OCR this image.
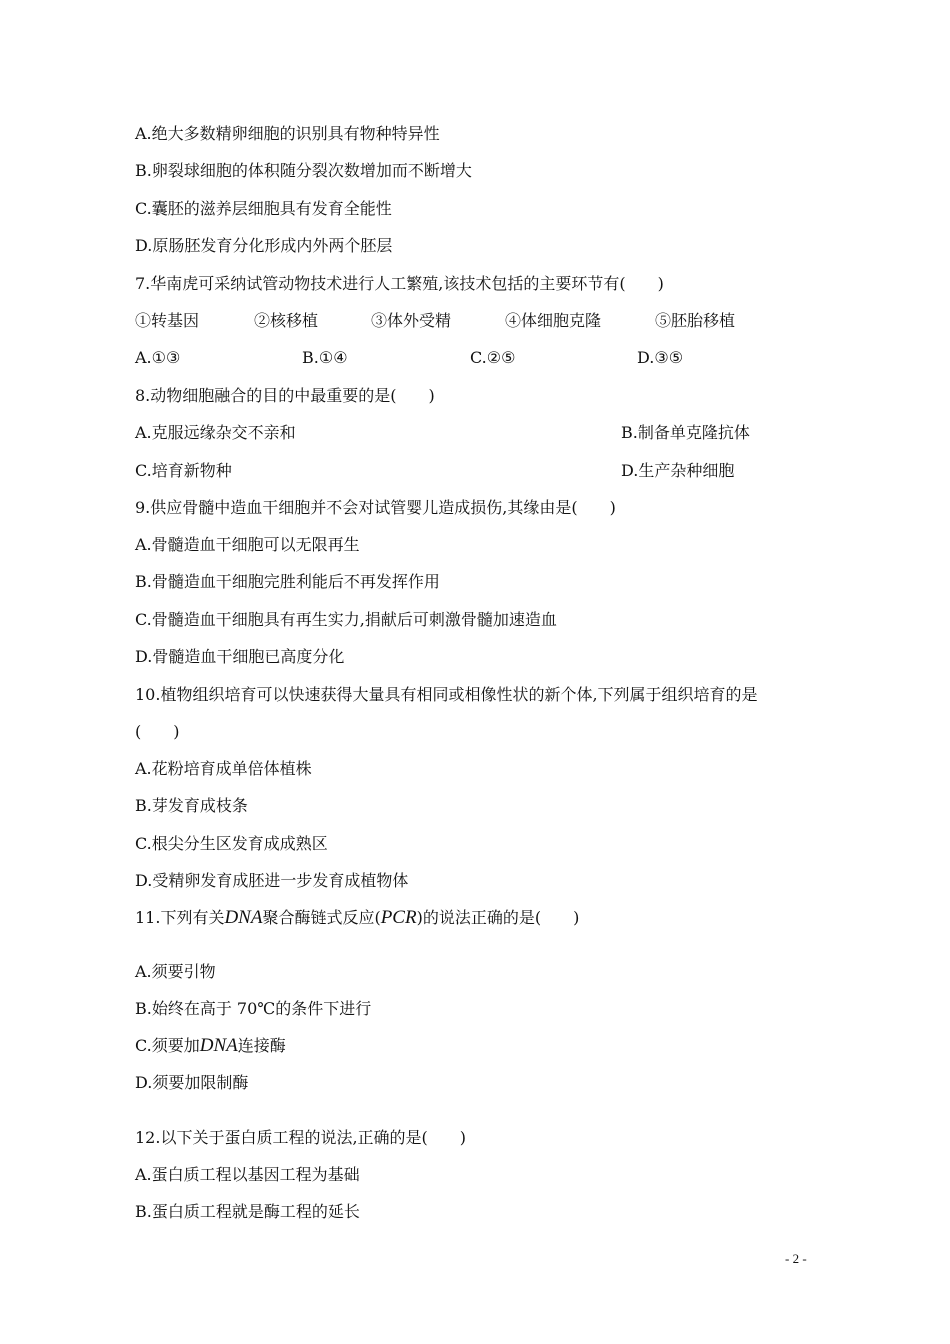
A.绝大多数精卵细胞的识别具有物种特异性
B.卵裂球细胞的体积随分裂次数增加而不断增大
C.囊胚的滋养层细胞具有发育全能性
D.原肠胚发育分化形成内外两个胚层
7.华南虎可采纳试管动物技术进行人工繁殖,该技术包括的主要环节有(　　)
①转基因	②核移植	③体外受精	④体细胞克隆	⑤胚胎移植
A.①③	B.①④	C.②⑤	D.③⑤
8.动物细胞融合的目的中最重要的是(　　)
A.克服远缘杂交不亲和	B.制备单克隆抗体
C.培育新物种	D.生产杂种细胞
9.供应骨髓中造血干细胞并不会对试管婴儿造成损伤,其缘由是(　　)
A.骨髓造血干细胞可以无限再生
B.骨髓造血干细胞完胜利能后不再发挥作用
C.骨髓造血干细胞具有再生实力,捐献后可刺激骨髓加速造血
D.骨髓造血干细胞已高度分化
10.植物组织培育可以快速获得大量具有相同或相像性状的新个体,下列属于组织培育的是
(　　)
A.花粉培育成单倍体植株
B.芽发育成枝条
C.根尖分生区发育成成熟区
D.受精卵发育成胚进一步发育成植物体
11.下列有关DNA聚合酶链式反应(PCR)的说法正确的是(　　)
A.须要引物
B.始终在高于 70℃的条件下进行
C.须要加DNA连接酶
D.须要加限制酶
12.以下关于蛋白质工程的说法,正确的是(　　)
A.蛋白质工程以基因工程为基础
B.蛋白质工程就是酶工程的延长
- 2 -
